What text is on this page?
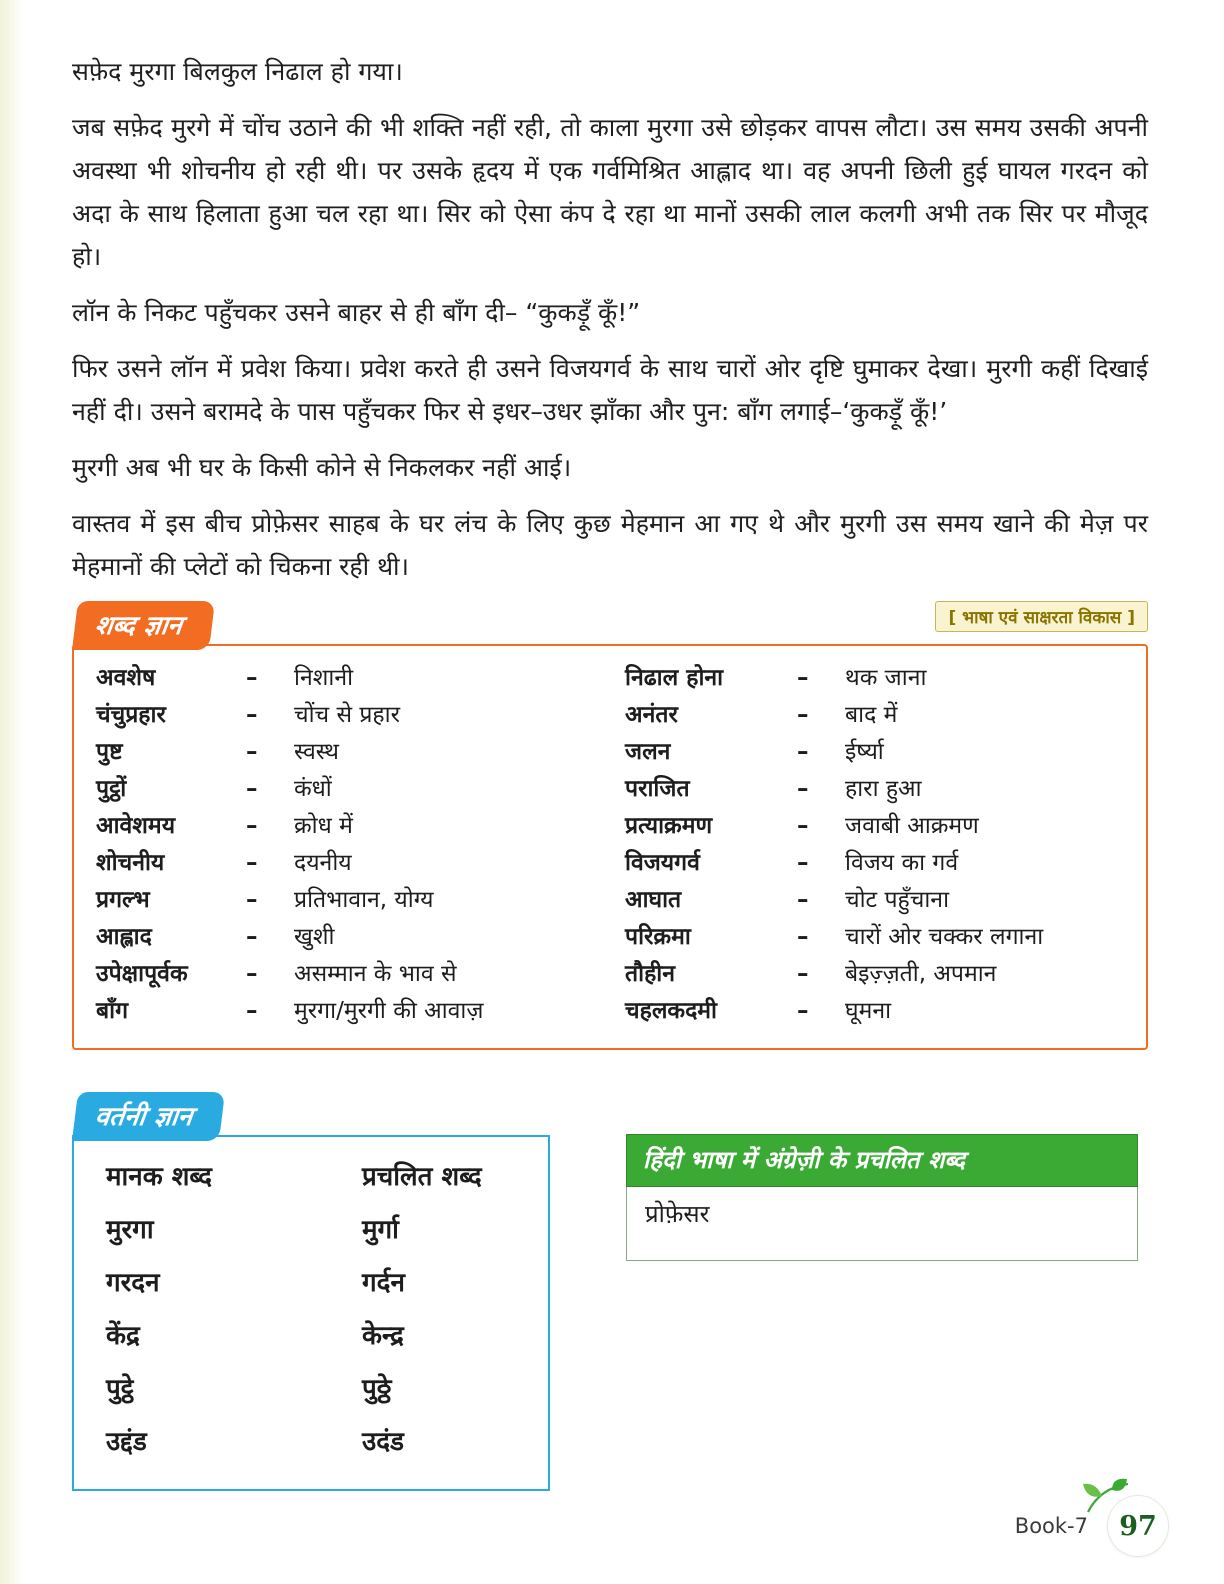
सफ़ेद मुरगा बिलकुल निढाल हो गया।

जब सफ़ेद मुरगे में चोंच उठाने की भी शक्ति नहीं रही, तो काला मुरगा उसे छोड़कर वापस लौटा। उस समय उसकी अपनी अवस्था भी शोचनीय हो रही थी। पर उसके हृदय में एक गर्वमिश्रित आह्लाद था। वह अपनी छिली हुई घायल गरदन को अदा के साथ हिलाता हुआ चल रहा था। सिर को ऐसा कंप दे रहा था मानों उसकी लाल कलगी अभी तक सिर पर मौजूद हो।

लॉन के निकट पहुँचकर उसने बाहर से ही बाँग दी– “कुकड़ूँ कूँ!”

फिर उसने लॉन में प्रवेश किया। प्रवेश करते ही उसने विजयगर्व के साथ चारों ओर दृष्टि घुमाकर देखा। मुरगी कहीं दिखाई नहीं दी। उसने बरामदे के पास पहुँचकर फिर से इधर–उधर झाँका और पुन: बाँग लगाई–‘कुकड़ूँ कूँ!’

मुरगी अब भी घर के किसी कोने से निकलकर नहीं आई।

वास्तव में इस बीच प्रोफ़ेसर साहब के घर लंच के लिए कुछ मेहमान आ गए थे और मुरगी उस समय खाने की मेज़ पर मेहमानों की प्लेटों को चिकना रही थी।

शब्द ज्ञान	[ भाषा एवं साक्षरता विकास ]
अवशेष	–	निशानी
चंचुप्रहार	–	चोंच से प्रहार
पुष्ट	–	स्वस्थ
पुट्ठों	–	कंधों
आवेशमय	–	क्रोध में
शोचनीय	–	दयनीय
प्रगल्भ	–	प्रतिभावान, योग्य
आह्लाद	–	खुशी
उपेक्षापूर्वक	–	असम्मान के भाव से
बाँग	–	मुरगा/मुरगी की आवाज़
निढाल होना	–	थक जाना
अनंतर	–	बाद में
जलन	–	ईर्ष्या
पराजित	–	हारा हुआ
प्रत्याक्रमण	–	जवाबी आक्रमण
विजयगर्व	–	विजय का गर्व
आघात	–	चोट पहुँचाना
परिक्रमा	–	चारों ओर चक्कर लगाना
तौहीन	–	बेइज़्ज़ती, अपमान
चहलकदमी	–	घूमना
वर्तनी ज्ञान
मानक शब्द	प्रचलित शब्द
मुरगा	मुर्गा
गरदन	गर्दन
केंद्र	केन्द्र
पुट्ठे	पुठ्ठे
उद्दंड	उदंड
हिंदी भाषा में अंग्रेज़ी के प्रचलित शब्द
प्रोफ़ेसर
Book-7 97
